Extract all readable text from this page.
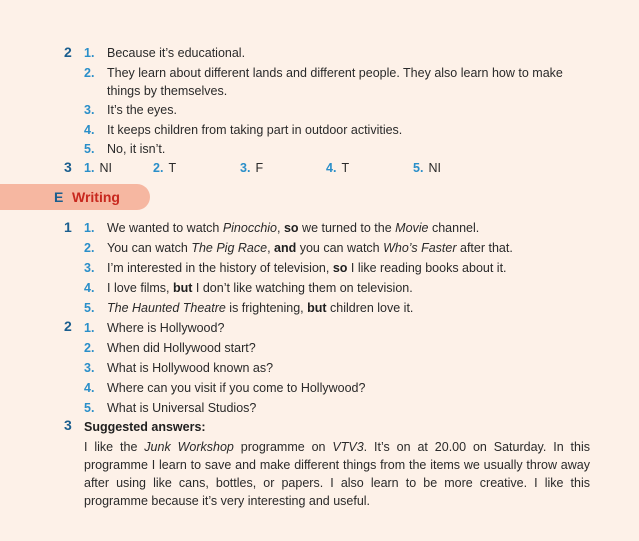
2 1. Because it’s educational.
2. They learn about different lands and different people. They also learn how to make things by themselves.
3. It’s the eyes.
4. It keeps children from taking part in outdoor activities.
5. No, it isn’t.
3 1. NI	2. T	3. F	4. T	5. NI
E Writing
1 1. We wanted to watch Pinocchio, so we turned to the Movie channel.
2. You can watch The Pig Race, and you can watch Who’s Faster after that.
3. I’m interested in the history of television, so I like reading books about it.
4. I love films, but I don’t like watching them on television.
5. The Haunted Theatre is frightening, but children love it.
2 1. Where is Hollywood?
2. When did Hollywood start?
3. What is Hollywood known as?
4. Where can you visit if you come to Hollywood?
5. What is Universal Studios?
3 Suggested answers:
I like the Junk Workshop programme on VTV3. It’s on at 20.00 on Saturday. In this programme I learn to save and make different things from the items we usually throw away after using like cans, bottles, or papers. I also learn to be more creative. I like this programme because it’s very interesting and useful.
